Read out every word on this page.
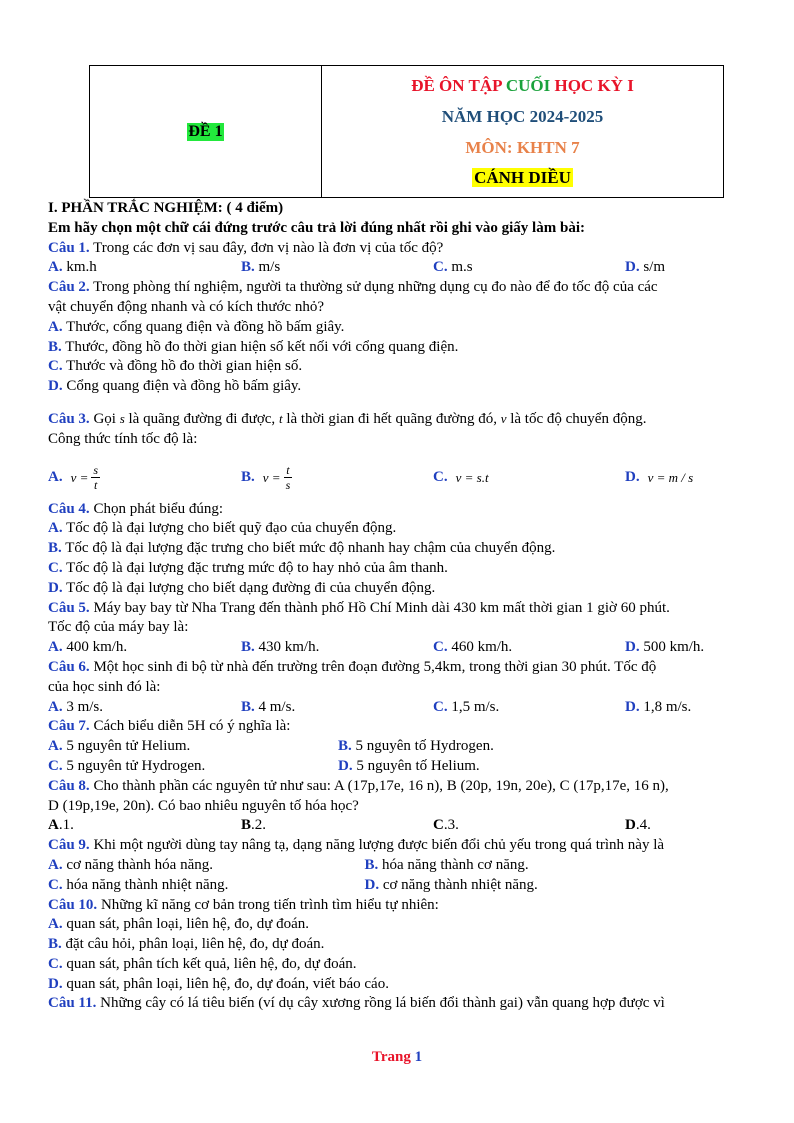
ĐỀ 1
ĐỀ ÔN TẬP CUỐI HỌC KỲ I
NĂM HỌC 2024-2025
MÔN: KHTN 7
CÁNH DIỀU
I. PHẦN TRẮC NGHIỆM: ( 4 điểm)
Em hãy chọn một chữ cái đứng trước câu trả lời đúng nhất rồi ghi vào giấy làm bài:
Câu 1. Trong các đơn vị sau đây, đơn vị nào là đơn vị của tốc độ?
A. km.h	B. m/s	C. m.s	D. s/m
Câu 2. Trong phòng thí nghiệm, người ta thường sử dụng những dụng cụ đo nào để đo tốc độ của các
vật chuyển động nhanh và có kích thước nhỏ?
A. Thước, cổng quang điện và đồng hồ bấm giây.
B. Thước, đồng hồ đo thời gian hiện số kết nối với cổng quang điện.
C. Thước và đồng hồ đo thời gian hiện số.
D. Cổng quang điện và đồng hồ bấm giây.
Câu 3. Gọi s là quãng đường đi được, t là thời gian đi hết quãng đường đó, v là tốc độ chuyển động.
Công thức tính tốc độ là:
A. $v = \frac{s}{t}$	B. $v = \frac{t}{s}$	C. v = s.t	D. v = m / s
Câu 4. Chọn phát biểu đúng:
A. Tốc độ là đại lượng cho biết quỹ đạo của chuyển động.
B. Tốc độ là đại lượng đặc trưng cho biết mức độ nhanh hay chậm của chuyển động.
C. Tốc độ là đại lượng đặc trưng mức độ to hay nhỏ của âm thanh.
D. Tốc độ là đại lượng cho biết dạng đường đi của chuyển động.
Câu 5. Máy bay bay từ Nha Trang đến thành phố Hồ Chí Minh dài 430 km mất thời gian 1 giờ 60 phút.
Tốc độ của máy bay là:
A. 400 km/h.	B. 430 km/h.	C. 460 km/h.	D. 500 km/h.
Câu 6. Một học sinh đi bộ từ nhà đến trường trên đoạn đường 5,4km, trong thời gian 30 phút. Tốc độ
của học sinh đó là:
A. 3 m/s.	B. 4 m/s.	C. 1,5 m/s.	D. 1,8 m/s.
Câu 7. Cách biểu diễn 5H có ý nghĩa là:
A. 5 nguyên tử Helium.	B. 5 nguyên tố Hydrogen.
C. 5 nguyên tử Hydrogen.	D. 5 nguyên tố Helium.
Câu 8. Cho thành phần các nguyên tử như sau: A (17p,17e, 16 n), B (20p, 19n, 20e), C (17p,17e, 16 n),
D (19p,19e, 20n). Có bao nhiêu nguyên tố hóa học?
A.1.	B.2.	C.3.	D.4.
Câu 9. Khi một người dùng tay nâng tạ, dạng năng lượng được biến đổi chủ yếu trong quá trình này là
A. cơ năng thành hóa năng.	B. hóa năng thành cơ năng.
C. hóa năng thành nhiệt năng.	D. cơ năng thành nhiệt năng.
Câu 10. Những kĩ năng cơ bản trong tiến trình tìm hiểu tự nhiên:
A. quan sát, phân loại, liên hệ, đo, dự đoán.
B. đặt câu hỏi, phân loại, liên hệ, đo, dự đoán.
C. quan sát, phân tích kết quả, liên hệ, đo, dự đoán.
D. quan sát, phân loại, liên hệ, đo, dự đoán, viết báo cáo.
Câu 11. Những cây có lá tiêu biến (ví dụ cây xương rồng lá biến đổi thành gai) vẫn quang hợp được vì
Trang 1
